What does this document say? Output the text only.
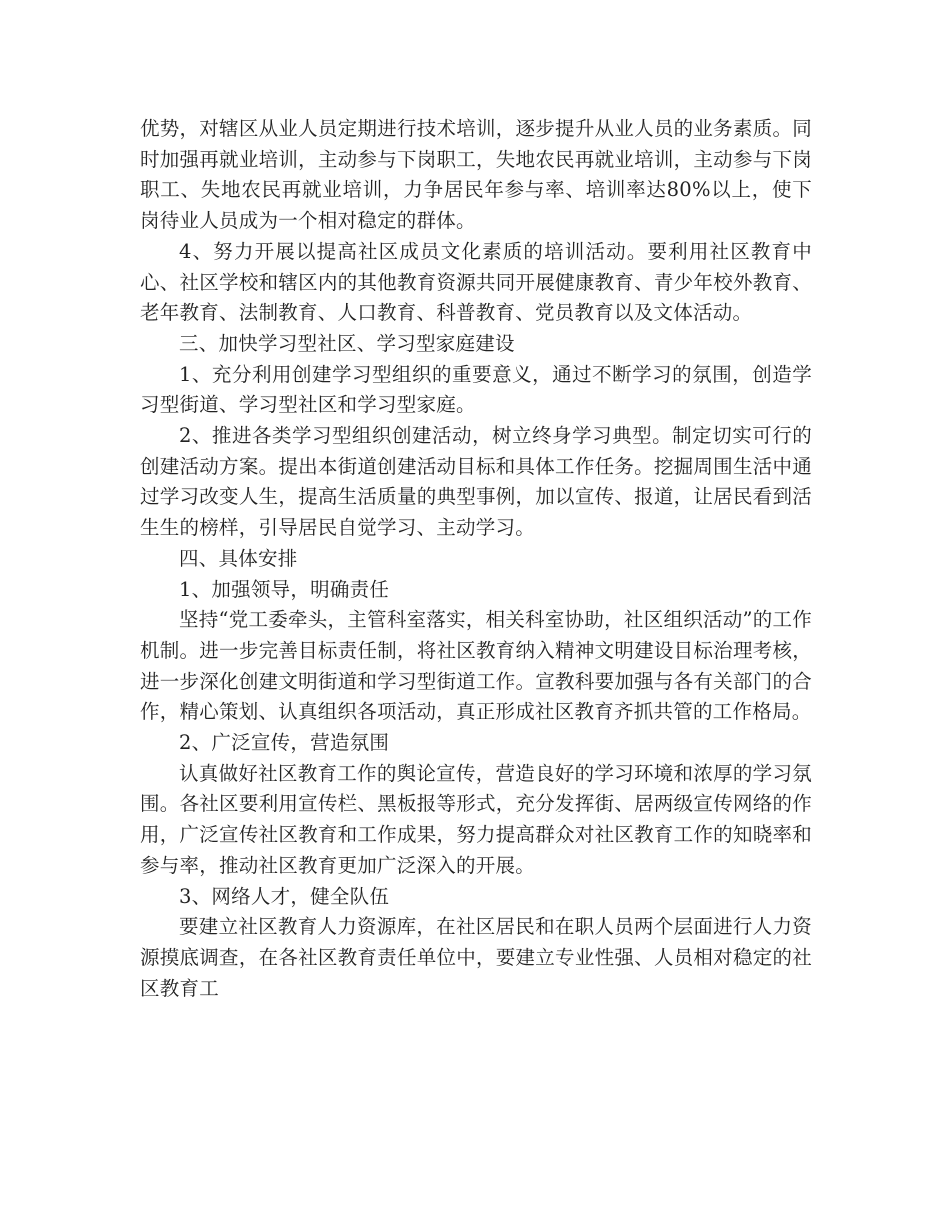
优势，对辖区从业人员定期进行技术培训，逐步提升从业人员的业务素质。同时加强再就业培训，主动参与下岗职工，失地农民再就业培训，主动参与下岗职工、失地农民再就业培训，力争居民年参与率、培训率达80%以上，使下岗待业人员成为一个相对稳定的群体。

4、努力开展以提高社区成员文化素质的培训活动。要利用社区教育中心、社区学校和辖区内的其他教育资源共同开展健康教育、青少年校外教育、老年教育、法制教育、人口教育、科普教育、党员教育以及文体活动。

三、加快学习型社区、学习型家庭建设

1、充分利用创建学习型组织的重要意义，通过不断学习的氛围，创造学习型街道、学习型社区和学习型家庭。

2、推进各类学习型组织创建活动，树立终身学习典型。制定切实可行的创建活动方案。提出本街道创建活动目标和具体工作任务。挖掘周围生活中通过学习改变人生，提高生活质量的典型事例，加以宣传、报道，让居民看到活生生的榜样，引导居民自觉学习、主动学习。

四、具体安排

1、加强领导，明确责任

坚持“党工委牵头，主管科室落实，相关科室协助，社区组织活动”的工作机制。进一步完善目标责任制，将社区教育纳入精神文明建设目标治理考核，进一步深化创建文明街道和学习型街道工作。宣教科要加强与各有关部门的合作，精心策划、认真组织各项活动，真正形成社区教育齐抓共管的工作格局。

2、广泛宣传，营造氛围

认真做好社区教育工作的舆论宣传，营造良好的学习环境和浓厚的学习氛围。各社区要利用宣传栏、黑板报等形式，充分发挥街、居两级宣传网络的作用，广泛宣传社区教育和工作成果，努力提高群众对社区教育工作的知晓率和参与率，推动社区教育更加广泛深入的开展。

3、网络人才，健全队伍

要建立社区教育人力资源库，在社区居民和在职人员两个层面进行人力资源摸底调查，在各社区教育责任单位中，要建立专业性强、人员相对稳定的社区教育工
